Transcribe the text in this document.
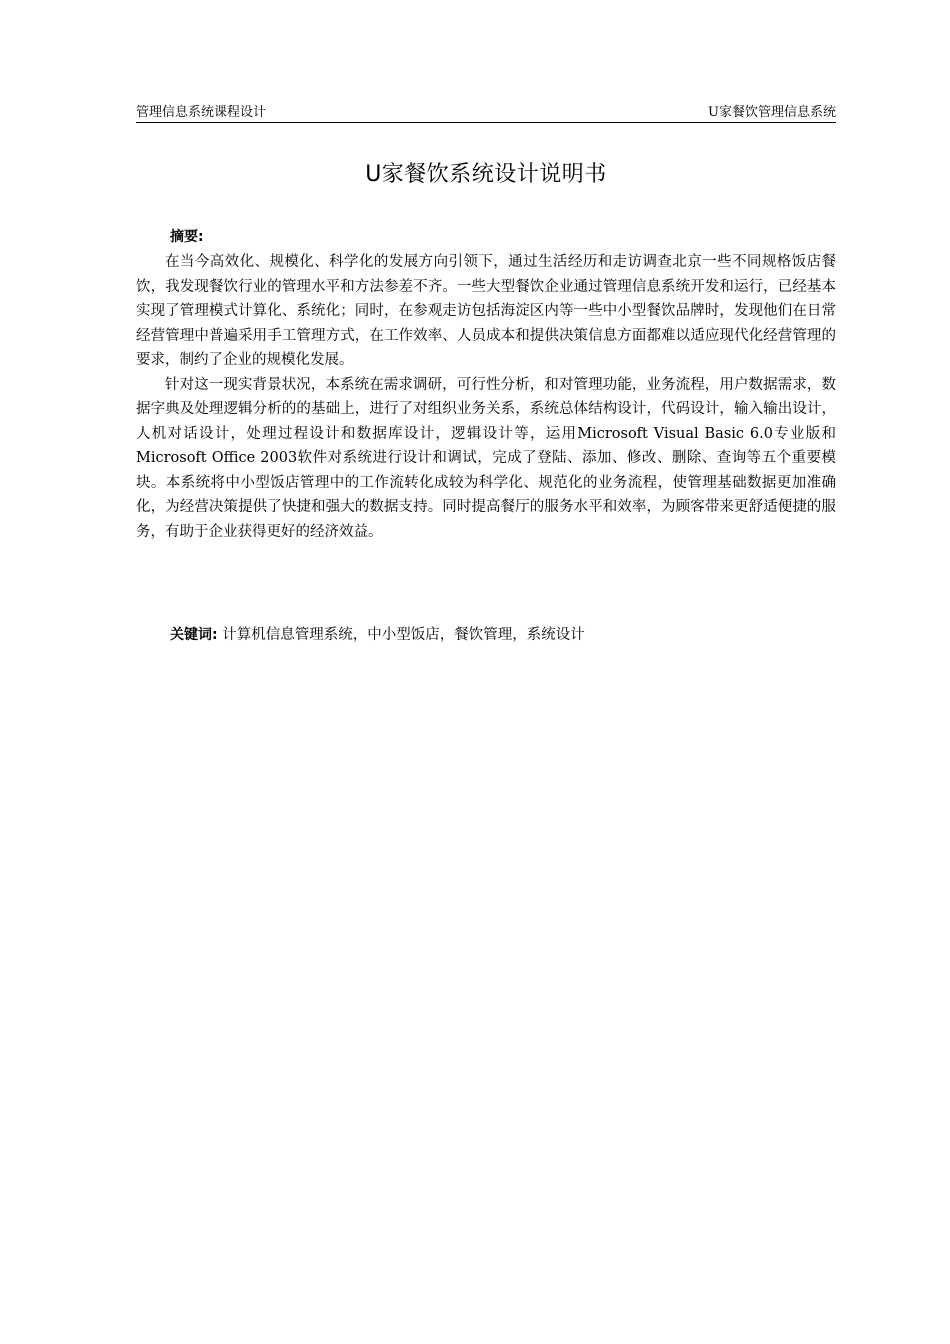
管理信息系统课程设计	U家餐饮管理信息系统
U家餐饮系统设计说明书
摘要:

在当今高效化、规模化、科学化的发展方向引领下，通过生活经历和走访调查北京一些不同规格饭店餐饮，我发现餐饮行业的管理水平和方法参差不齐。一些大型餐饮企业通过管理信息系统开发和运行，已经基本实现了管理模式计算化、系统化；同时，在参观走访包括海淀区内等一些中小型餐饮品牌时，发现他们在日常经营管理中普遍采用手工管理方式，在工作效率、人员成本和提供决策信息方面都难以适应现代化经营管理的要求，制约了企业的规模化发展。

针对这一现实背景状况，本系统在需求调研，可行性分析，和对管理功能，业务流程，用户数据需求，数据字典及处理逻辑分析的的基础上，进行了对组织业务关系，系统总体结构设计，代码设计，输入输出设计，人机对话设计，处理过程设计和数据库设计，逻辑设计等，运用Microsoft Visual Basic 6.0专业版和Microsoft Office 2003软件对系统进行设计和调试，完成了登陆、添加、修改、删除、查询等五个重要模块。本系统将中小型饭店管理中的工作流转化成较为科学化、规范化的业务流程，使管理基础数据更加准确化，为经营决策提供了快捷和强大的数据支持。同时提高餐厅的服务水平和效率，为顾客带来更舒适便捷的服务，有助于企业获得更好的经济效益。

关键词: 计算机信息管理系统，中小型饭店，餐饮管理，系统设计
